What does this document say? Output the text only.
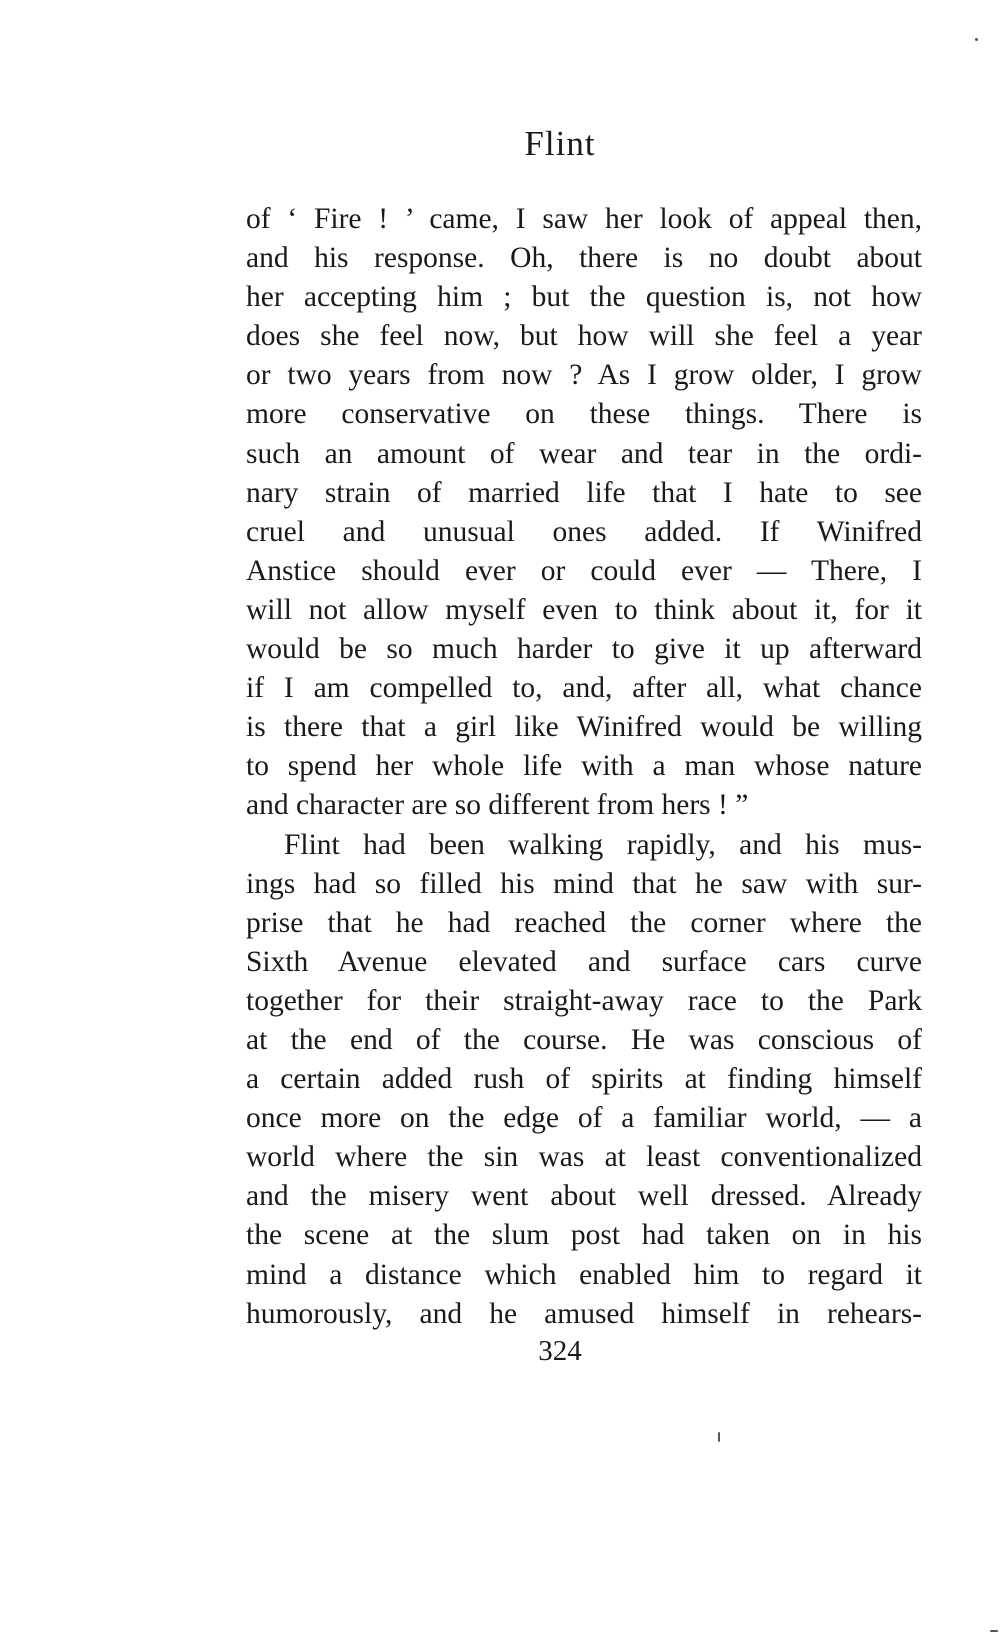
Flint
of ‘ Fire ! ’ came, I saw her look of appeal then,
and his response. Oh, there is no doubt about
her accepting him ; but the question is, not how
does she feel now, but how will she feel a year
or two years from now ? As I grow older, I grow
more conservative on these things. There is
such an amount of wear and tear in the ordi-
nary strain of married life that I hate to see
cruel and unusual ones added. If Winifred
Anstice should ever or could ever — There, I
will not allow myself even to think about it, for it
would be so much harder to give it up afterward
if I am compelled to, and, after all, what chance
is there that a girl like Winifred would be willing
to spend her whole life with a man whose nature
and character are so different from hers ! ”
Flint had been walking rapidly, and his mus-
ings had so filled his mind that he saw with sur-
prise that he had reached the corner where the
Sixth Avenue elevated and surface cars curve
together for their straight-away race to the Park
at the end of the course. He was conscious of
a certain added rush of spirits at finding himself
once more on the edge of a familiar world, — a
world where the sin was at least conventionalized
and the misery went about well dressed. Already
the scene at the slum post had taken on in his
mind a distance which enabled him to regard it
humorously, and he amused himself in rehears-
324
